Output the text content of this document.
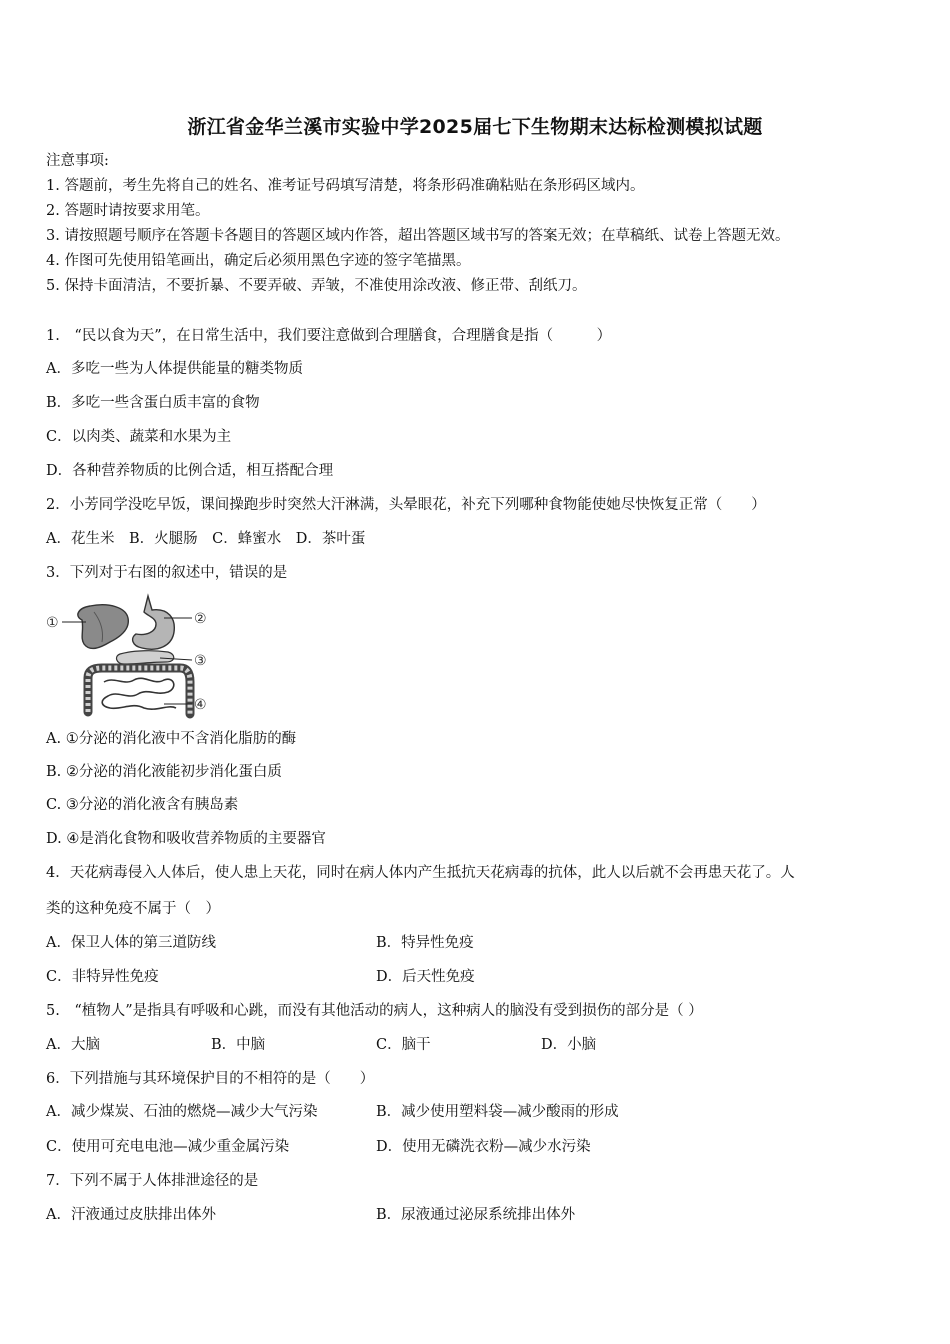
浙江省金华兰溪市实验中学2025届七下生物期末达标检测模拟试题
注意事项:
1. 答题前，考生先将自己的姓名、准考证号码填写清楚，将条形码准确粘贴在条形码区域内。
2. 答题时请按要求用笔。
3. 请按照题号顺序在答题卡各题目的答题区域内作答，超出答题区域书写的答案无效；在草稿纸、试卷上答题无效。
4. 作图可先使用铅笔画出，确定后必须用黑色字迹的签字笔描黑。
5. 保持卡面清洁，不要折暴、不要弄破、弄皱，不准使用涂改液、修正带、刮纸刀。
1.　“民以食为天”，在日常生活中，我们要注意做到合理膳食，合理膳食是指（　　　）
A．多吃一些为人体提供能量的糖类物质
B．多吃一些含蛋白质丰富的食物
C．以肉类、蔬菜和水果为主
D．各种营养物质的比例合适，相互搭配合理
2．小芳同学没吃早饭，课间操跑步时突然大汗淋满，头晕眼花，补充下列哪种食物能使她尽快恢复正常（　　）
A．花生米　B．火腿肠　C．蜂蜜水　D．茶叶蛋
3．下列对于右图的叙述中，错误的是
①	②
③
④
A. ①分泌的消化液中不含消化脂肪的酶
B. ②分泌的消化液能初步消化蛋白质
C. ③分泌的消化液含有胰岛素
D. ④是消化食物和吸收营养物质的主要器官
4．天花病毒侵入人体后，使人患上天花，同时在病人体内产生抵抗天花病毒的抗体，此人以后就不会再患天花了。人
类的这种免疫不属于（　）
A．保卫人体的第三道防线	B．特异性免疫
C．非特异性免疫	D．后天性免疫
5.　“植物人”是指具有呼吸和心跳，而没有其他活动的病人，这种病人的脑没有受到损伤的部分是（ ）
A．大脑	B．中脑	C．脑干	D．小脑
6．下列措施与其环境保护目的不相符的是（　　）
A．减少煤炭、石油的燃烧—减少大气污染	B．减少使用塑料袋—减少酸雨的形成
C．使用可充电电池—减少重金属污染	D．使用无磷洗衣粉—减少水污染
7．下列不属于人体排泄途径的是
A．汗液通过皮肤排出体外	B．尿液通过泌尿系统排出体外
